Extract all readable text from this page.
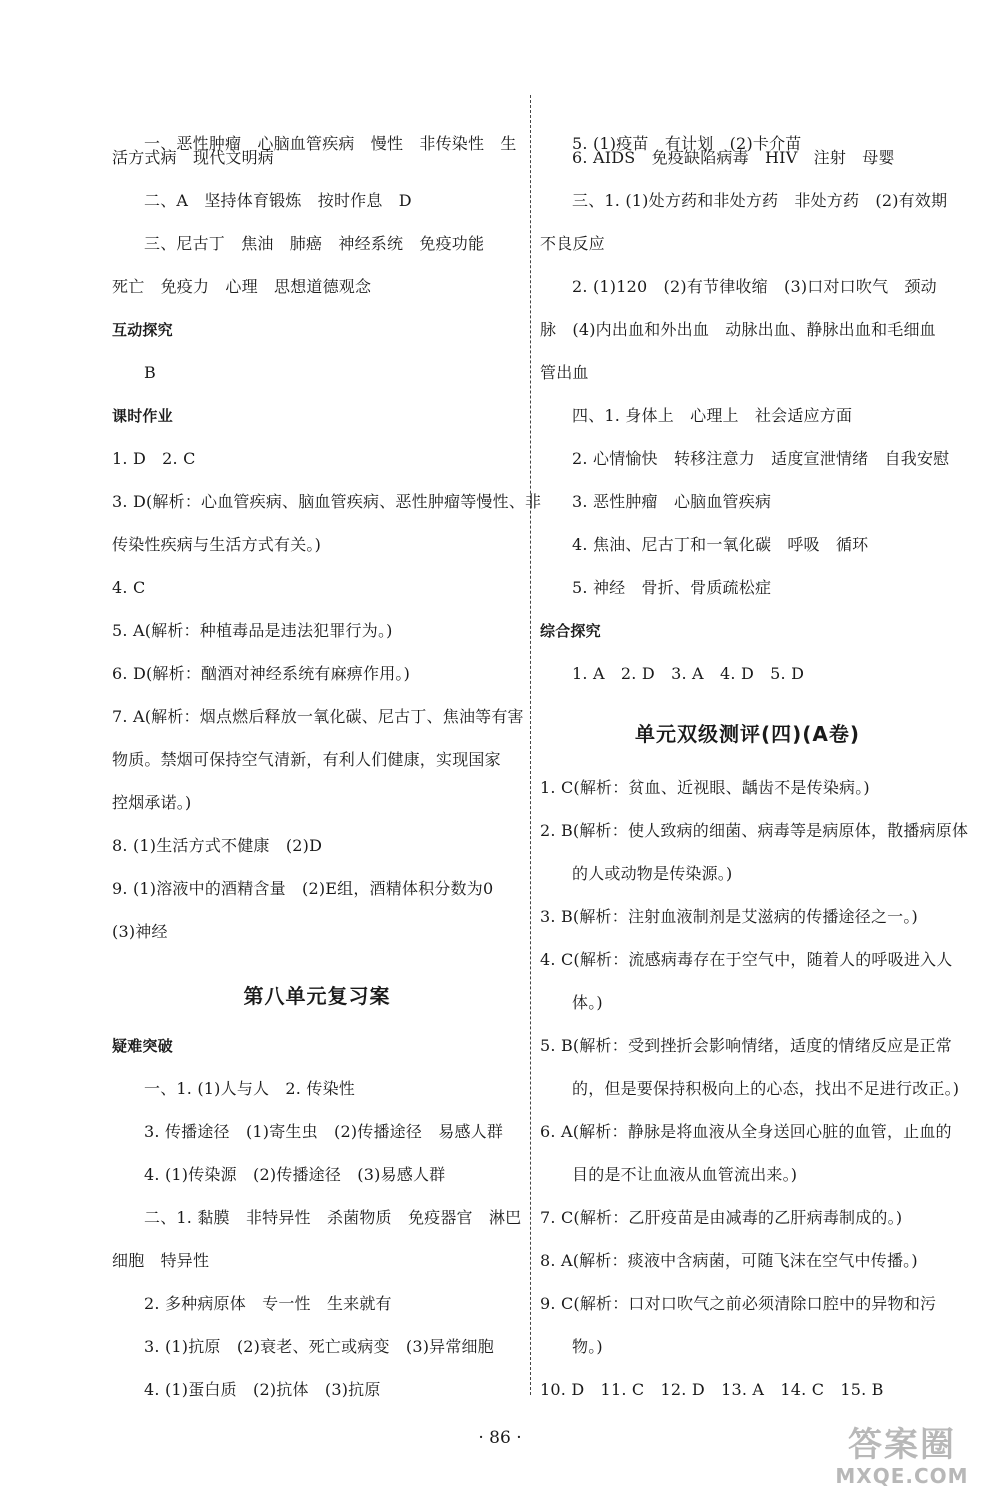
一、恶性肿瘤　心脑血管疾病　慢性　非传染性　生
活方式病　现代文明病
二、A　坚持体育锻炼　按时作息　D
三、尼古丁　焦油　肺癌　神经系统　免疫功能
死亡　免疫力　心理　思想道德观念
互动探究
B
课时作业
1. D　2. C
3. D(解析：心血管疾病、脑血管疾病、恶性肿瘤等慢性、非
传染性疾病与生活方式有关。)
4. C
5. A(解析：种植毒品是违法犯罪行为。)
6. D(解析：酗酒对神经系统有麻痹作用。)
7. A(解析：烟点燃后释放一氧化碳、尼古丁、焦油等有害
物质。禁烟可保持空气清新，有利人们健康，实现国家
控烟承诺。)
8. (1)生活方式不健康　(2)D
9. (1)溶液中的酒精含量　(2)E组，酒精体积分数为0
(3)神经
第八单元复习案
疑难突破
一、1. (1)人与人　2. 传染性
3. 传播途径　(1)寄生虫　(2)传播途径　易感人群
4. (1)传染源　(2)传播途径　(3)易感人群
二、1. 黏膜　非特异性　杀菌物质　免疫器官　淋巴
细胞　特异性
2. 多种病原体　专一性　生来就有
3. (1)抗原　(2)衰老、死亡或病变　(3)异常细胞
4. (1)蛋白质　(2)抗体　(3)抗原
5. (1)疫苗　有计划　(2)卡介苗
6. AIDS　免疫缺陷病毒　HIV　注射　母婴
三、1. (1)处方药和非处方药　非处方药　(2)有效期
不良反应
2. (1)120　(2)有节律收缩　(3)口对口吹气　颈动
脉　(4)内出血和外出血　动脉出血、静脉出血和毛细血
管出血
四、1. 身体上　心理上　社会适应方面
2. 心情愉快　转移注意力　适度宣泄情绪　自我安慰
3. 恶性肿瘤　心脑血管疾病
4. 焦油、尼古丁和一氧化碳　呼吸　循环
5. 神经　骨折、骨质疏松症
综合探究
1. A　2. D　3. A　4. D　5. D
单元双级测评(四)(A卷)
1. C(解析：贫血、近视眼、龋齿不是传染病。)
2. B(解析：使人致病的细菌、病毒等是病原体，散播病原体
的人或动物是传染源。)
3. B(解析：注射血液制剂是艾滋病的传播途径之一。)
4. C(解析：流感病毒存在于空气中，随着人的呼吸进入人
体。)
5. B(解析：受到挫折会影响情绪，适度的情绪反应是正常
的，但是要保持积极向上的心态，找出不足进行改正。)
6. A(解析：静脉是将血液从全身送回心脏的血管，止血的
目的是不让血液从血管流出来。)
7. C(解析：乙肝疫苗是由减毒的乙肝病毒制成的。)
8. A(解析：痰液中含病菌，可随飞沫在空气中传播。)
9. C(解析：口对口吹气之前必须清除口腔中的异物和污
物。)
10. D　11. C　12. D　13. A　14. C　15. B
· 86 ·	答案圈
MXQE.COM
